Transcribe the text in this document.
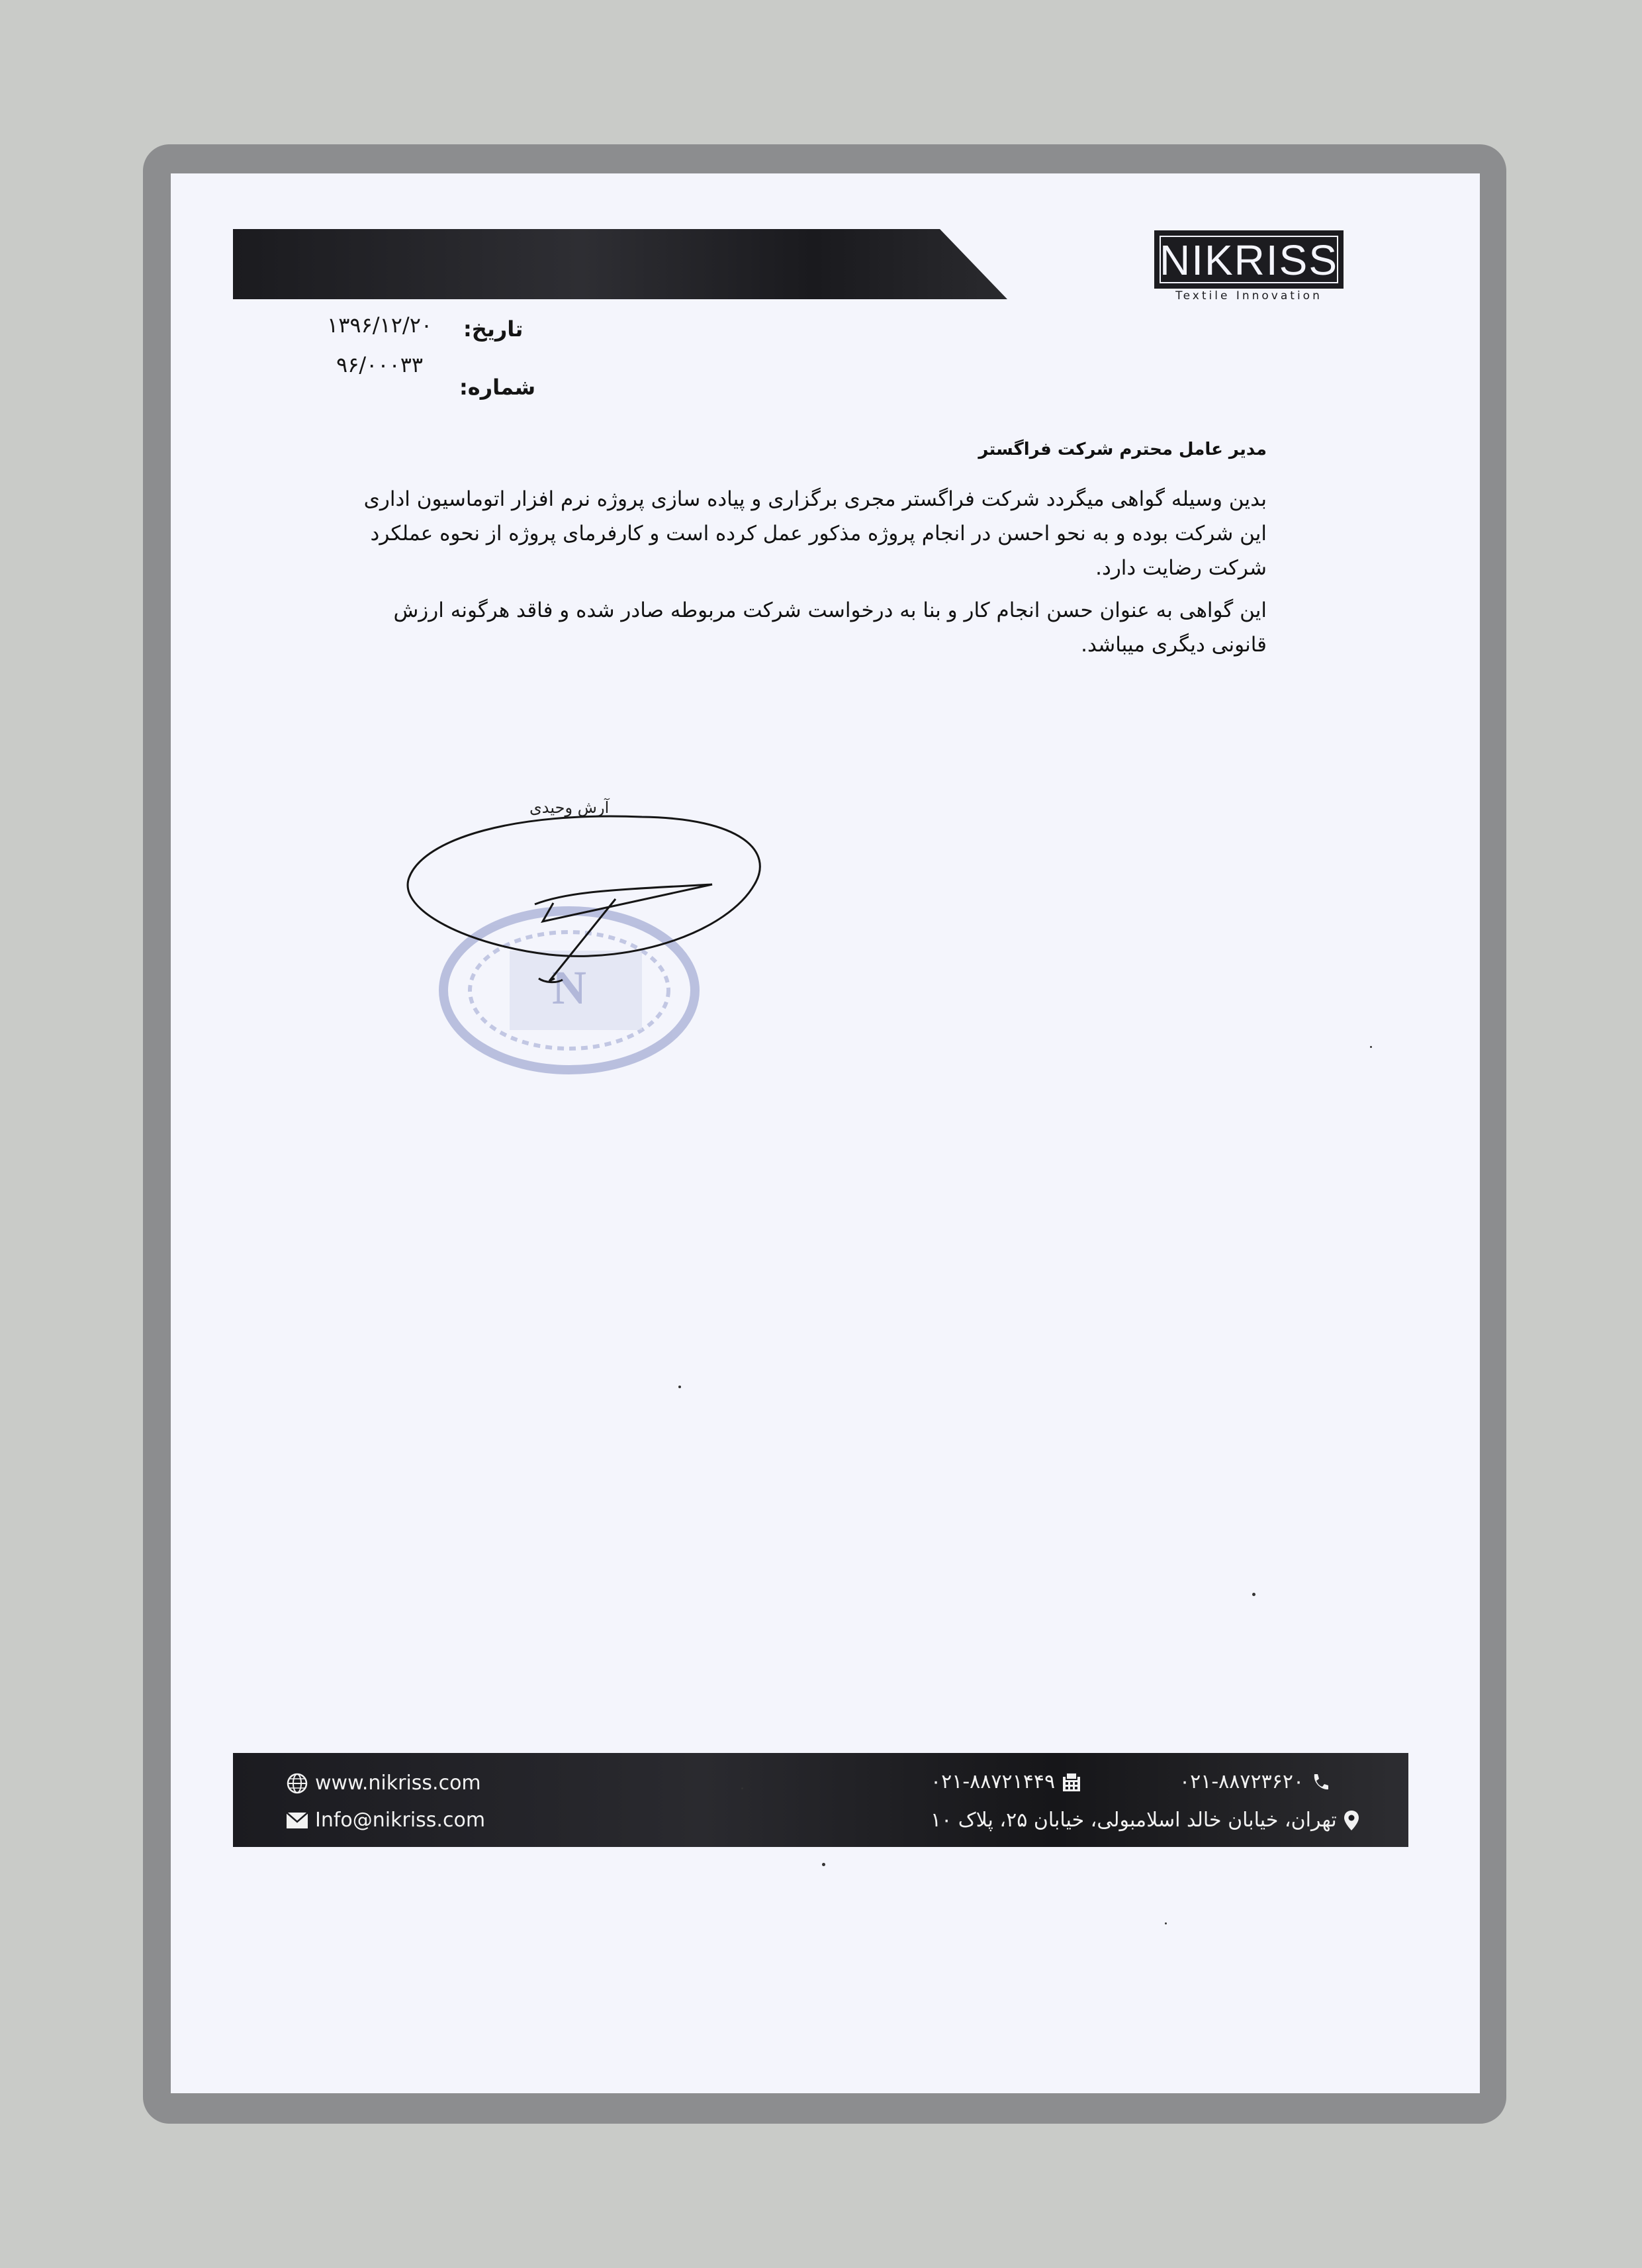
NIKRISS
Textile Innovation
تاریخ:
۱۳۹۶/۱۲/۲۰
شماره:
۹۶/۰۰۰۳۳
مدیر عامل محترم شرکت فراگستر
بدین وسیله گواهی میگردد شرکت فراگستر مجری برگزاری و پیاده سازی پروژه نرم افزار اتوماسیون اداری این شرکت بوده و به نحو احسن در انجام پروژه مذکور عمل کرده است و کارفرمای پروژه از نحوه عملکرد شرکت رضایت دارد.
این گواهی به عنوان حسن انجام کار و بنا به درخواست شرکت مربوطه صادر شده و فاقد هرگونه ارزش قانونی دیگری میباشد.
آرش وحیدی
N
www.nikriss.com
Info@nikriss.com
۰۲۱-۸۸۷۲۳۶۲۰
۰۲۱-۸۸۷۲۱۴۴۹
تهران، خیابان خالد اسلامبولی، خیابان ۲۵، پلاک ۱۰
